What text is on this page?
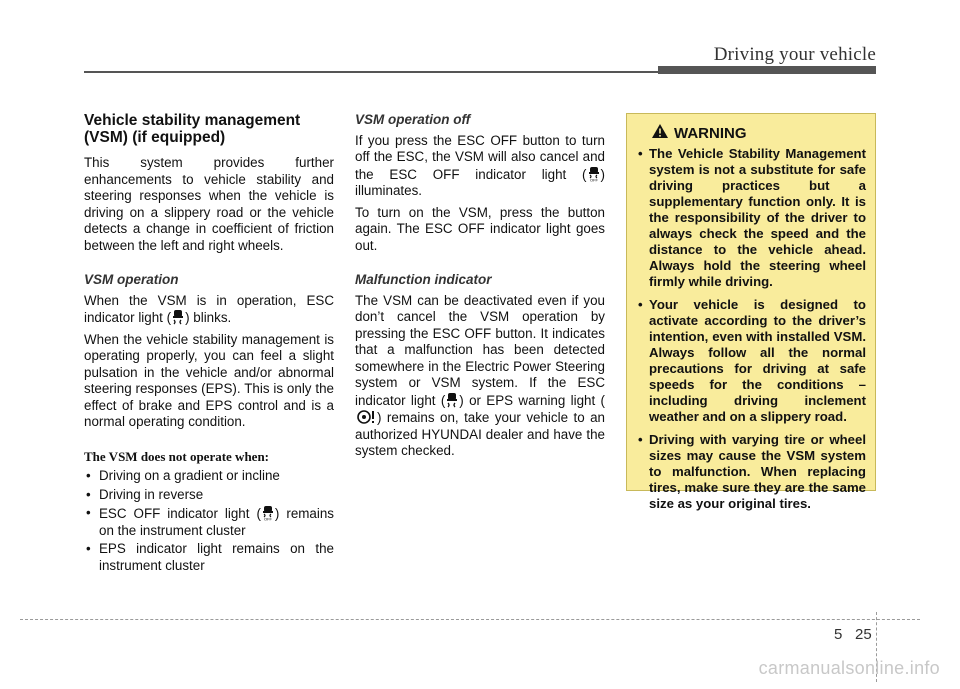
Driving your vehicle
Vehicle stability management (VSM) (if equipped)

This system provides further enhancements to vehicle stability and steering responses when the vehicle is driving on a slippery road or the vehicle detects a change in coefficient of friction between the left and right wheels.

VSM operation

When the VSM is in operation, ESC indicator light ( ) blinks.

When the vehicle stability management is operating properly, you can feel a slight pulsation in the vehicle and/or abnormal steering responses (EPS). This is only the effect of brake and EPS control and is a normal operating condition.

The VSM does not operate when:
• Driving on a gradient or incline
• Driving in reverse
• ESC OFF indicator light ( OFF ) remains on the instrument cluster
• EPS indicator light remains on the instrument cluster
VSM operation off

If you press the ESC OFF button to turn off the ESC, the VSM will also cancel and the ESC OFF indicator light ( OFF ) illuminates.

To turn on the VSM, press the button again. The ESC OFF indicator light goes out.

Malfunction indicator

The VSM can be deactivated even if you don’t cancel the VSM operation by pressing the ESC OFF button. It indicates that a malfunction has been detected somewhere in the Electric Power Steering system or VSM system. If the ESC indicator light ( ) or EPS warning light (
) remains on, take your vehicle to an authorized HYUNDAI dealer and have the system checked.

WARNING
• The Vehicle Stability Management system is not a substitute for safe driving practices but a supplementary function only. It is the responsibility of the driver to always check the speed and the distance to the vehicle ahead. Always hold the steering wheel firmly while driving.
• Your vehicle is designed to activate according to the driver’s intention, even with installed VSM. Always follow all the normal precautions for driving at safe speeds for the conditions – including driving inclement weather and on a slippery road.
• Driving with varying tire or wheel sizes may cause the VSM system to malfunction. When replacing tires, make sure they are the same size as your original tires.
5 25
carmanualsonline.info
